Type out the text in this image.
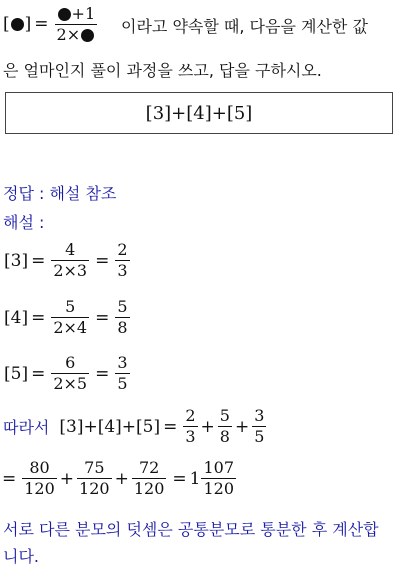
[ ] = $\frac{+1}{2\times}$ 이라고 약속할 때, 다음을 계산한 값
은 얼마인지 풀이 과정을 쓰고, 답을 구하시오.
[3]+[4]+[5]
정답 : 해설 참조
해설 :
$[3] = \frac{4}{2\times 3} = \frac{2}{3}$
$[4] = \frac{5}{2\times 4} = \frac{5}{8}$
$[5] = \frac{6}{2\times 5} = \frac{3}{5}$
따라서 $[3]+[4]+[5] = \frac{2}{3} + \frac{5}{8} + \frac{3}{5}$
= $\frac{80}{120} + \frac{75}{120} + \frac{72}{120} = 1 \frac{107}{120}$
서로 다른 분모의 덧셈은 공통분모로 통분한 후 계산합
니다.
